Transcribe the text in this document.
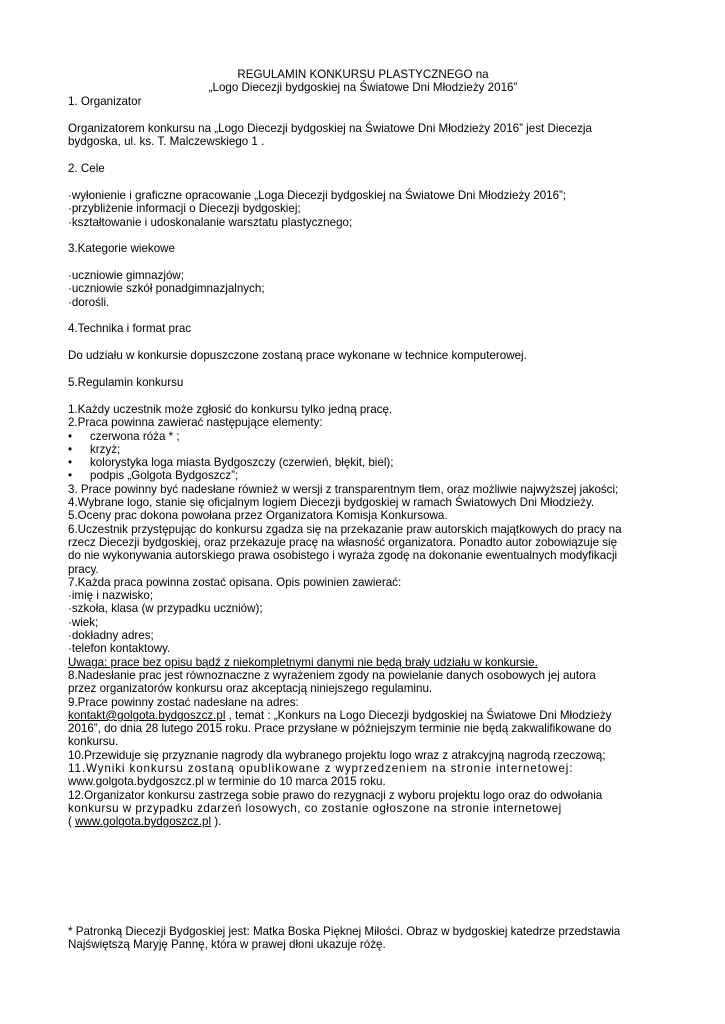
REGULAMIN KONKURSU PLASTYCZNEGO na
„Logo Diecezji bydgoskiej na Światowe Dni Młodzieży 2016”

1. Organizator

Organizatorem konkursu na „Logo Diecezji bydgoskiej na Światowe Dni Młodzieży 2016” jest Diecezja
bydgoska, ul. ks. T. Malczewskiego 1 .

2. Cele

·wyłonienie i graficzne opracowanie „Loga Diecezji bydgoskiej na Światowe Dni Młodzieży 2016”;
·przybliżenie informacji o Diecezji bydgoskiej;
·kształtowanie i udoskonalanie warsztatu plastycznego;

3.Kategorie wiekowe

·uczniowie gimnazjów;
·uczniowie szkół ponadgimnazjalnych;
·dorośli.

4.Technika i format prac

Do udziału w konkursie dopuszczone zostaną prace wykonane w technice komputerowej.

5.Regulamin konkursu

1.Każdy uczestnik może zgłosić do konkursu tylko jedną pracę.
2.Praca powinna zawierać następujące elementy:
• czerwona róża * ;
• krzyż;
• kolorystyka loga miasta Bydgoszczy (czerwień, błękit, biel);
• podpis „Golgota Bydgoszcz”;
3. Prace powinny być nadesłane również w wersji z transparentnym tłem, oraz możliwie najwyższej jakości;
4.Wybrane logo, stanie się oficjalnym logiem Diecezji bydgoskiej w ramach Światowych Dni Młodzieży.
5.Oceny prac dokona powołana przez Organizatora Komisja Konkursowa.
6.Uczestnik przystępując do konkursu zgadza się na przekazanie praw autorskich majątkowych do pracy na
rzecz Diecezji bydgoskiej, oraz przekazuje pracę na własność organizatora. Ponadto autor zobowiązuje się
do nie wykonywania autorskiego prawa osobistego i wyraża zgodę na dokonanie ewentualnych modyfikacji
pracy.
7.Każda praca powinna zostać opisana. Opis powinien zawierać:
·imię i nazwisko;
·szkoła, klasa (w przypadku uczniów);
·wiek;
·dokładny adres;
·telefon kontaktowy.
Uwaga: prace bez opisu bądź z niekompletnymi danymi nie będą brały udziału w konkursie.
8.Nadesłanie prac jest równoznaczne z wyrażeniem zgody na powielanie danych osobowych jej autora
przez organizatorów konkursu oraz akceptacją niniejszego regulaminu.
9.Prace powinny zostać nadesłane na adres:
kontakt@golgota.bydgoszcz.pl , temat : „Konkurs na Logo Diecezji bydgoskiej na Światowe Dni Młodzieży
2016”, do dnia 28 lutego 2015 roku. Prace przysłane w późniejszym terminie nie będą zakwalifikowane do
konkursu.
10.Przewiduje się przyznanie nagrody dla wybranego projektu logo wraz z atrakcyjną nagrodą rzeczową;
11.Wyniki konkursu zostaną opublikowane z wyprzedzeniem na stronie internetowej:
www.golgota.bydgoszcz.pl w terminie do 10 marca 2015 roku.
12.Organizator konkursu zastrzega sobie prawo do rezygnacji z wyboru projektu logo oraz do odwołania
konkursu w przypadku zdarzeń losowych, co zostanie ogłoszone na stronie internetowej
( www.golgota.bydgoszcz.pl ).

* Patronką Diecezji Bydgoskiej jest: Matka Boska Pięknej Miłości. Obraz w bydgoskiej katedrze przedstawia
Najświętszą Maryję Pannę, która w prawej dłoni ukazuje różę.
